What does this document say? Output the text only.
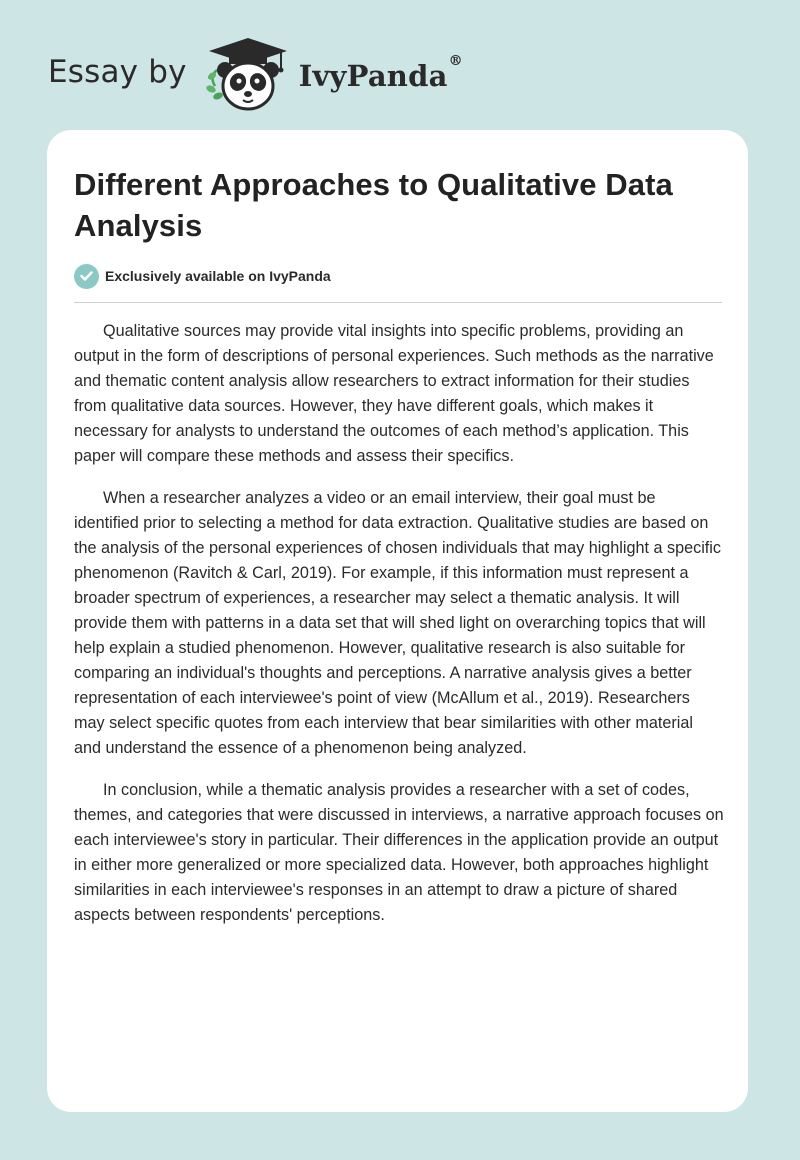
Essay by	IvyPanda®
Different Approaches to Qualitative Data Analysis
Exclusively available on IvyPanda

Qualitative sources may provide vital insights into specific problems, providing an output in the form of descriptions of personal experiences. Such methods as the narrative and thematic content analysis allow researchers to extract information for their studies from qualitative data sources. However, they have different goals, which makes it necessary for analysts to understand the outcomes of each method’s application. This paper will compare these methods and assess their specifics.

When a researcher analyzes a video or an email interview, their goal must be identified prior to selecting a method for data extraction. Qualitative studies are based on the analysis of the personal experiences of chosen individuals that may highlight a specific phenomenon (Ravitch & Carl, 2019). For example, if this information must represent a broader spectrum of experiences, a researcher may select a thematic analysis. It will provide them with patterns in a data set that will shed light on overarching topics that will help explain a studied phenomenon. However, qualitative research is also suitable for comparing an individual's thoughts and perceptions. A narrative analysis gives a better representation of each interviewee's point of view (McAllum et al., 2019). Researchers may select specific quotes from each interview that bear similarities with other material and understand the essence of a phenomenon being analyzed.

In conclusion, while a thematic analysis provides a researcher with a set of codes, themes, and categories that were discussed in interviews, a narrative approach focuses on each interviewee's story in particular. Their differences in the application provide an output in either more generalized or more specialized data. However, both approaches highlight similarities in each interviewee's responses in an attempt to draw a picture of shared aspects between respondents' perceptions.
